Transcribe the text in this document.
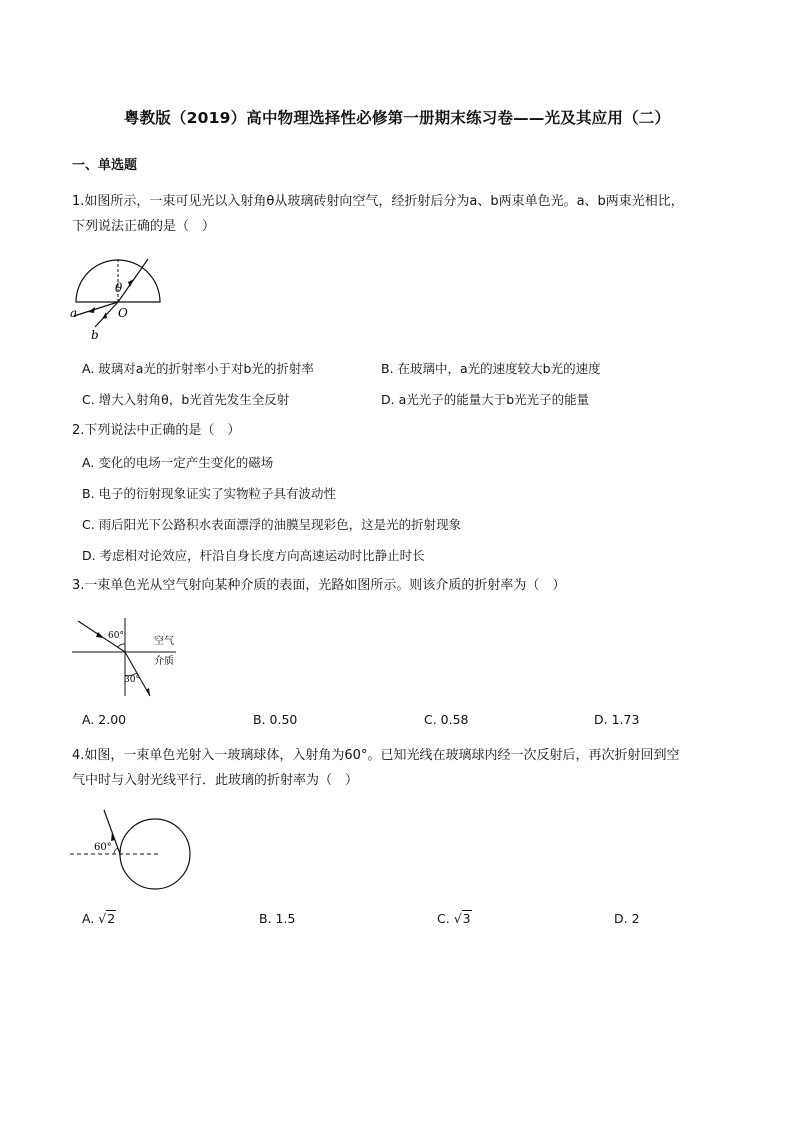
粤教版（2019）高中物理选择性必修第一册期末练习卷——光及其应用（二）
一、单选题
1.如图所示，一束可见光以入射角θ从玻璃砖射向空气，经折射后分为a、b两束单色光。a、b两束光相比，
下列说法正确的是（　）
θ
a
b
O
A. 玻璃对a光的折射率小于对b光的折射率	B. 在玻璃中，a光的速度较大b光的速度
C. 增大入射角θ，b光首先发生全反射	D. a光光子的能量大于b光光子的能量
2.下列说法中正确的是（　）
A. 变化的电场一定产生变化的磁场
B. 电子的衍射现象证实了实物粒子具有波动性
C. 雨后阳光下公路积水表面漂浮的油膜呈现彩色，这是光的折射现象
D. 考虑相对论效应，杆沿自身长度方向高速运动时比静止时长
3.一束单色光从空气射向某种介质的表面，光路如图所示。则该介质的折射率为（　）
60°
30°
空气
介质
A. 2.00	B. 0.50	C. 0.58	D. 1.73
4.如图，一束单色光射入一玻璃球体，入射角为60°。已知光线在玻璃球内经一次反射后，再次折射回到空
气中时与入射光线平行．此玻璃的折射率为（　）
60°
A. √2	B. 1.5	C. √3	D. 2
